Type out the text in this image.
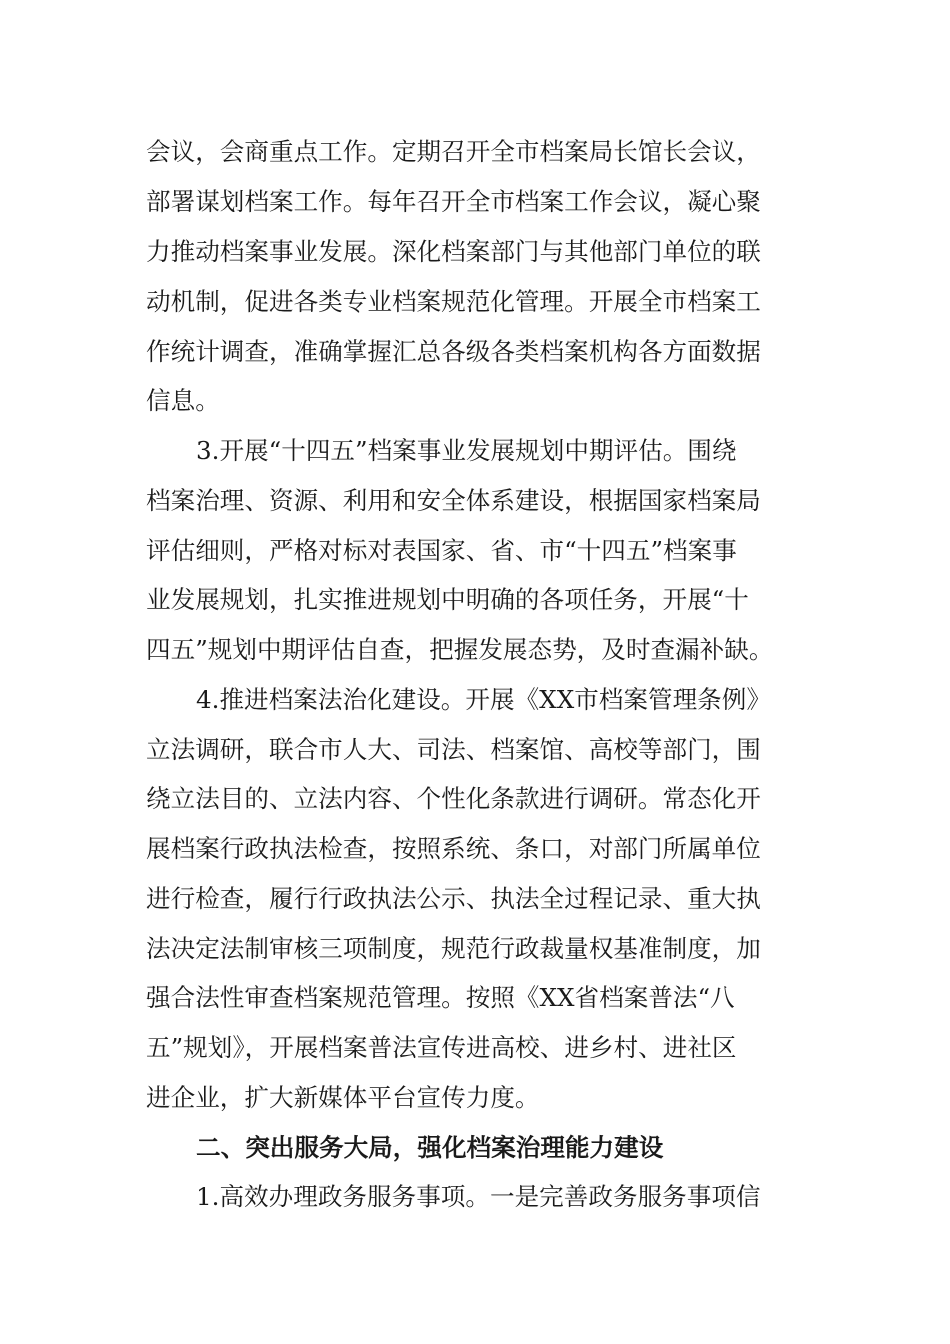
会议，会商重点工作。定期召开全市档案局长馆长会议，
部署谋划档案工作。每年召开全市档案工作会议，凝心聚
力推动档案事业发展。深化档案部门与其他部门单位的联
动机制，促进各类专业档案规范化管理。开展全市档案工
作统计调查，准确掌握汇总各级各类档案机构各方面数据
信息。
3.开展“十四五”档案事业发展规划中期评估。围绕
档案治理、资源、利用和安全体系建设，根据国家档案局
评估细则，严格对标对表国家、省、市“十四五”档案事
业发展规划，扎实推进规划中明确的各项任务，开展“十
四五”规划中期评估自查，把握发展态势，及时查漏补缺。
4.推进档案法治化建设。开展《XX市档案管理条例》
立法调研，联合市人大、司法、档案馆、高校等部门，围
绕立法目的、立法内容、个性化条款进行调研。常态化开
展档案行政执法检查，按照系统、条口，对部门所属单位
进行检查，履行行政执法公示、执法全过程记录、重大执
法决定法制审核三项制度，规范行政裁量权基准制度，加
强合法性审查档案规范管理。按照《XX省档案普法“八
五”规划》，开展档案普法宣传进高校、进乡村、进社区
进企业，扩大新媒体平台宣传力度。
二、突出服务大局，强化档案治理能力建设
1.高效办理政务服务事项。一是完善政务服务事项信
